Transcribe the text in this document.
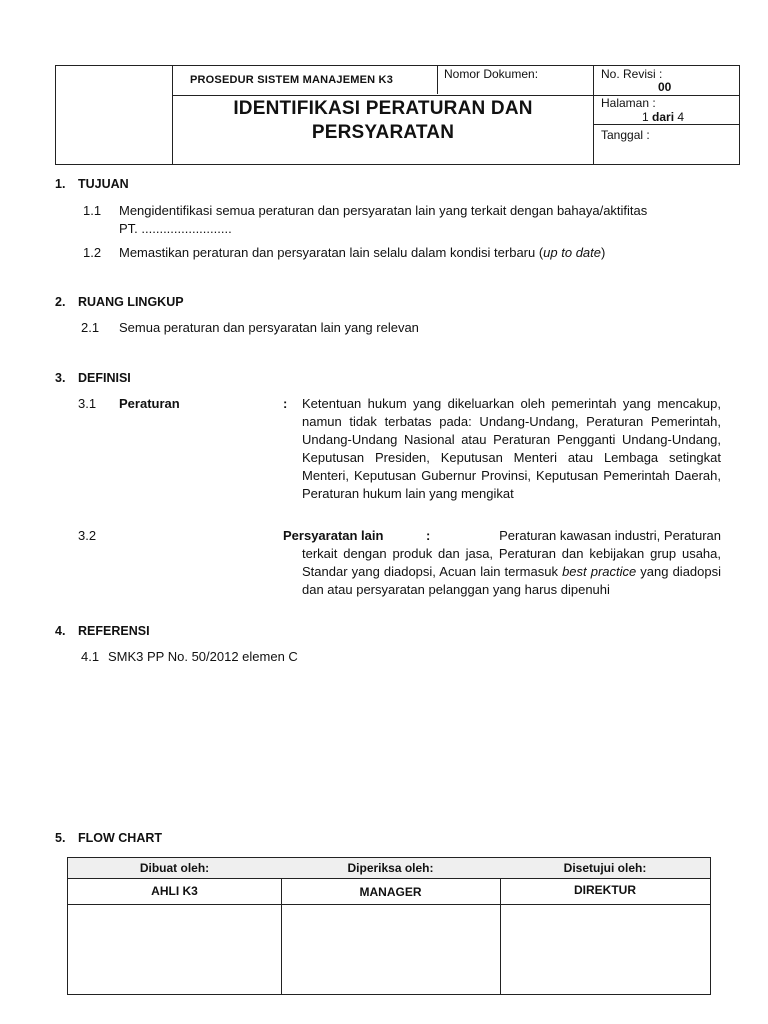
PROSEDUR SISTEM MANAJEMEN K3	Nomor Dokumen:	No. Revisi :
00
IDENTIFIKASI PERATURAN DAN
PERSYARATAN
Halaman :
1 dari 4
Tanggal :
1. TUJUAN
1.1 Mengidentifikasi semua peraturan dan persyaratan lain yang terkait dengan bahaya/aktifitas
PT. .........................
1.2 Memastikan peraturan dan persyaratan lain selalu dalam kondisi terbaru (up to date)
2. RUANG LINGKUP
2.1 Semua peraturan dan persyaratan lain yang relevan
3. DEFINISI
3.1 Peraturan	: Ketentuan hukum yang dikeluarkan oleh pemerintah yang mencakup, namun tidak terbatas pada: Undang-Undang, Peraturan Pemerintah, Undang-Undang Nasional atau Peraturan Pengganti Undang-Undang, Keputusan Presiden, Keputusan Menteri atau Lembaga setingkat Menteri, Keputusan Gubernur Provinsi, Keputusan Pemerintah Daerah, Peraturan hukum lain yang mengikat
3.2	Persyaratan lain	:	Peraturan kawasan industri, Peraturan
terkait dengan produk dan jasa, Peraturan dan kebijakan grup usaha, Standar yang diadopsi, Acuan lain termasuk best practice yang diadopsi dan atau persyaratan pelanggan yang harus dipenuhi
4. REFERENSI
4.1 SMK3 PP No. 50/2012 elemen C
5. FLOW CHART
Dibuat oleh:	Diperiksa oleh:	Disetujui oleh:
AHLI K3	MANAGER	DIREKTUR
